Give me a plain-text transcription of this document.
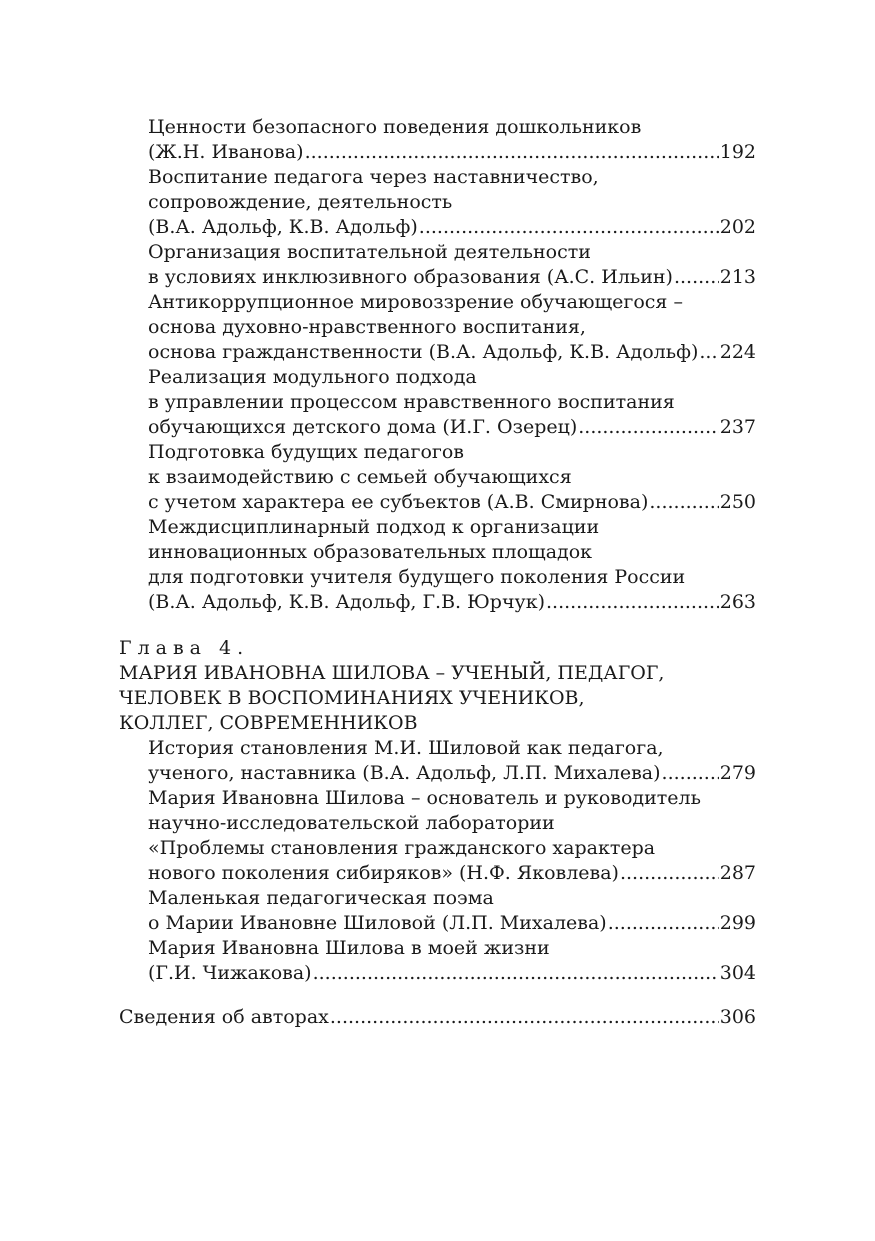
Ценности безопасного поведения дошкольников
(Ж.Н. Иванова) .....	192
Воспитание педагога через наставничество,
сопровождение, деятельность
(В.А. Адольф, К.В. Адольф) .....	202
Организация воспитательной деятельности
в условиях инклюзивного образования (А.С. Ильин) ..... 213
Антикоррупционное мировоззрение обучающегося –
основа духовно-нравственного воспитания,
основа гражданственности (В.А. Адольф, К.В. Адольф) ..... 224
Реализация модульного подхода
в управлении процессом нравственного воспитания
обучающихся детского дома (И.Г. Озерец) .....	237
Подготовка будущих педагогов
к взаимодействию с семьей обучающихся
с учетом характера ее субъектов (А.В. Смирнова) .....	250
Междисциплинарный подход к организации
инновационных образовательных площадок
для подготовки учителя будущего поколения России
(В.А. Адольф, К.В. Адольф, Г.В. Юрчук) .....	263
Глава 4.
МАРИЯ ИВАНОВНА ШИЛОВА – УЧЕНЫЙ, ПЕДАГОГ,
ЧЕЛОВЕК В ВОСПОМИНАНИЯХ УЧЕНИКОВ,
КОЛЛЕГ, СОВРЕМЕННИКОВ
История становления М.И. Шиловой как педагога,
ученого, наставника (В.А. Адольф, Л.П. Михалева) .....	279
Мария Ивановна Шилова – основатель и руководитель
научно-исследовательской лаборатории
«Проблемы становления гражданского характера
нового поколения сибиряков» (Н.Ф. Яковлева) .....	287
Маленькая педагогическая поэма
о Марии Ивановне Шиловой (Л.П. Михалева) .....	299
Мария Ивановна Шилова в моей жизни
(Г.И. Чижакова) .....	304
Сведения об авторах .....	306
